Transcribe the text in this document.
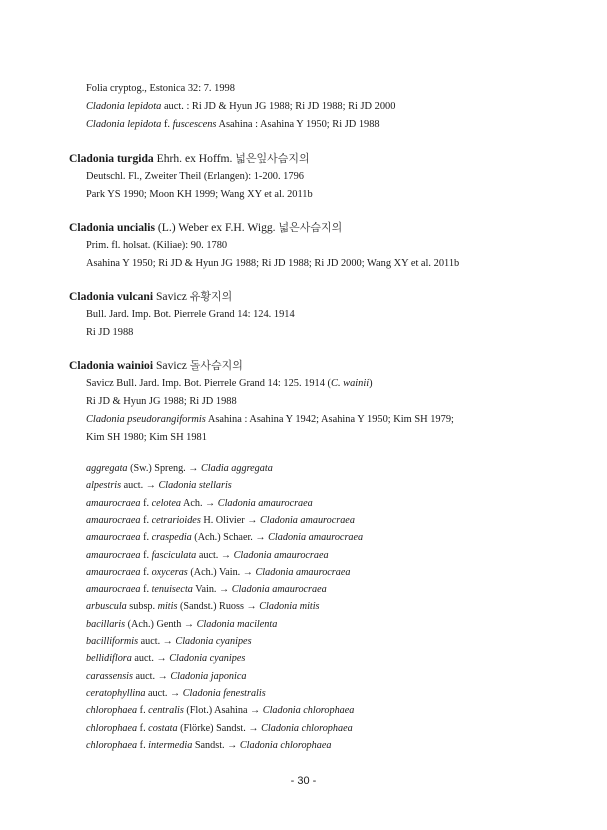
Folia cryptog., Estonica 32: 7. 1998
Cladonia lepidota auct. : Ri JD & Hyun JG 1988; Ri JD 1988; Ri JD 2000
Cladonia lepidota f. fuscescens Asahina : Asahina Y 1950; Ri JD 1988
Cladonia turgida Ehrh. ex Hoffm. 넓은잎사슴지의
Deutschl. Fl., Zweiter Theil (Erlangen): 1-200. 1796
Park YS 1990; Moon KH 1999; Wang XY et al. 2011b
Cladonia uncialis (L.) Weber ex F.H. Wigg. 넓은사슴지의
Prim. fl. holsat. (Kiliae): 90. 1780
Asahina Y 1950; Ri JD & Hyun JG 1988; Ri JD 1988; Ri JD 2000; Wang XY et al. 2011b
Cladonia vulcani Savicz 유황지의
Bull. Jard. Imp. Bot. Pierrele Grand 14: 124. 1914
Ri JD 1988
Cladonia wainioi Savicz 돌사슴지의
Savicz Bull. Jard. Imp. Bot. Pierrele Grand 14: 125. 1914 (C. wainii)
Ri JD & Hyun JG 1988; Ri JD 1988
Cladonia pseudorangiformis Asahina : Asahina Y 1942; Asahina Y 1950; Kim SH 1979;
Kim SH 1980; Kim SH 1981
aggregata (Sw.) Spreng. → Cladia aggregata
alpestris auct. → Cladonia stellaris
amaurocraea f. celotea Ach. → Cladonia amaurocraea
amaurocraea f. cetrarioides H. Olivier → Cladonia amaurocraea
amaurocraea f. craspedia (Ach.) Schaer. → Cladonia amaurocraea
amaurocraea f. fasciculata auct. → Cladonia amaurocraea
amaurocraea f. oxyceras (Ach.) Vain. → Cladonia amaurocraea
amaurocraea f. tenuisecta Vain. → Cladonia amaurocraea
arbuscula subsp. mitis (Sandst.) Ruoss → Cladonia mitis
bacillaris (Ach.) Genth → Cladonia macilenta
bacilliformis auct. → Cladonia cyanipes
bellidiflora auct. → Cladonia cyanipes
carassensis auct. → Cladonia japonica
ceratophyllina auct. → Cladonia fenestralis
chlorophaea f. centralis (Flot.) Asahina → Cladonia chlorophaea
chlorophaea f. costata (Flörke) Sandst. → Cladonia chlorophaea
chlorophaea f. intermedia Sandst. → Cladonia chlorophaea
- 30 -
